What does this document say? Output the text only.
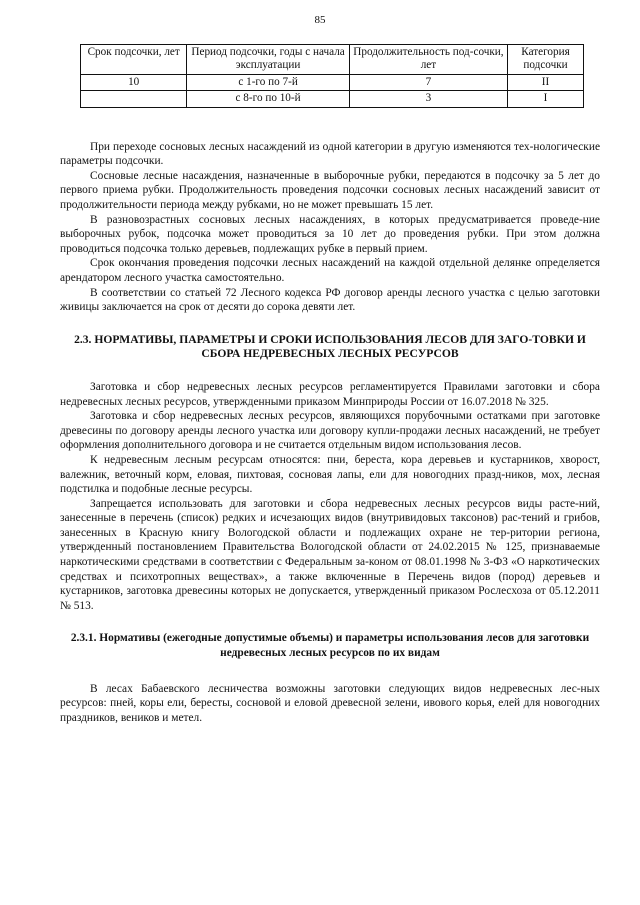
85
Срок подсочки, лет	Период подсочки, годы с начала эксплуатации	Продолжительность под-сочки, лет	Категория подсочки
10	с 1-го по 7-й	7	II
	с 8-го по 10-й	3	I

При переходе сосновых лесных насаждений из одной категории в другую изменяются тех-нологические параметры подсочки.

Сосновые лесные насаждения, назначенные в выборочные рубки, передаются в подсочку за 5 лет до первого приема рубки. Продолжительность проведения подсочки сосновых лесных насаждений зависит от продолжительности периода между рубками, но не может превышать 15 лет.

В разновозрастных сосновых лесных насаждениях, в которых предусматривается проведе-ние выборочных рубок, подсочка может проводиться за 10 лет до проведения рубки. При этом должна проводиться подсочка только деревьев, подлежащих рубке в первый прием.

Срок окончания проведения подсочки лесных насаждений на каждой отдельной делянке определяется арендатором лесного участка самостоятельно.

В соответствии со статьей 72 Лесного кодекса РФ договор аренды лесного участка с целью заготовки живицы заключается на срок от десяти до сорока девяти лет.

2.3. НОРМАТИВЫ, ПАРАМЕТРЫ И СРОКИ ИСПОЛЬЗОВАНИЯ ЛЕСОВ ДЛЯ ЗАГО-ТОВКИ И СБОРА НЕДРЕВЕСНЫХ ЛЕСНЫХ РЕСУРСОВ

Заготовка и сбор недревесных лесных ресурсов регламентируется Правилами заготовки и сбора недревесных лесных ресурсов, утвержденными приказом Минприроды России от 16.07.2018 № 325.

Заготовка и сбор недревесных лесных ресурсов, являющихся порубочными остатками при заготовке древесины по договору аренды лесного участка или договору купли-продажи лесных насаждений, не требует оформления дополнительного договора и не считается отдельным видом использования лесов.

К недревесным лесным ресурсам относятся: пни, береста, кора деревьев и кустарников, хворост, валежник, веточный корм, еловая, пихтовая, сосновая лапы, ели для новогодних празд-ников, мох, лесная подстилка и подобные лесные ресурсы.

Запрещается использовать для заготовки и сбора недревесных лесных ресурсов виды расте-ний, занесенные в перечень (список) редких и исчезающих видов (внутривидовых таксонов) рас-тений и грибов, занесенных в Красную книгу Вологодской области и подлежащих охране не тер-ритории региона, утвержденный постановлением Правительства Вологодской области от 24.02.2015 № 125, признаваемые наркотическими средствами в соответствии с Федеральным за-коном от 08.01.1998 № 3-ФЗ «О наркотических средствах и психотропных веществах», а также включенные в Перечень видов (пород) деревьев и кустарников, заготовка древесины которых не допускается, утвержденный приказом Рослесхоза от 05.12.2011 № 513.

2.3.1. Нормативы (ежегодные допустимые объемы) и параметры использования лесов для заготовки недревесных лесных ресурсов по их видам

В лесах Бабаевского лесничества возможны заготовки следующих видов недревесных лес-ных ресурсов: пней, коры ели, бересты, сосновой и еловой древесной зелени, ивового корья, елей для новогодних праздников, веников и метел.
